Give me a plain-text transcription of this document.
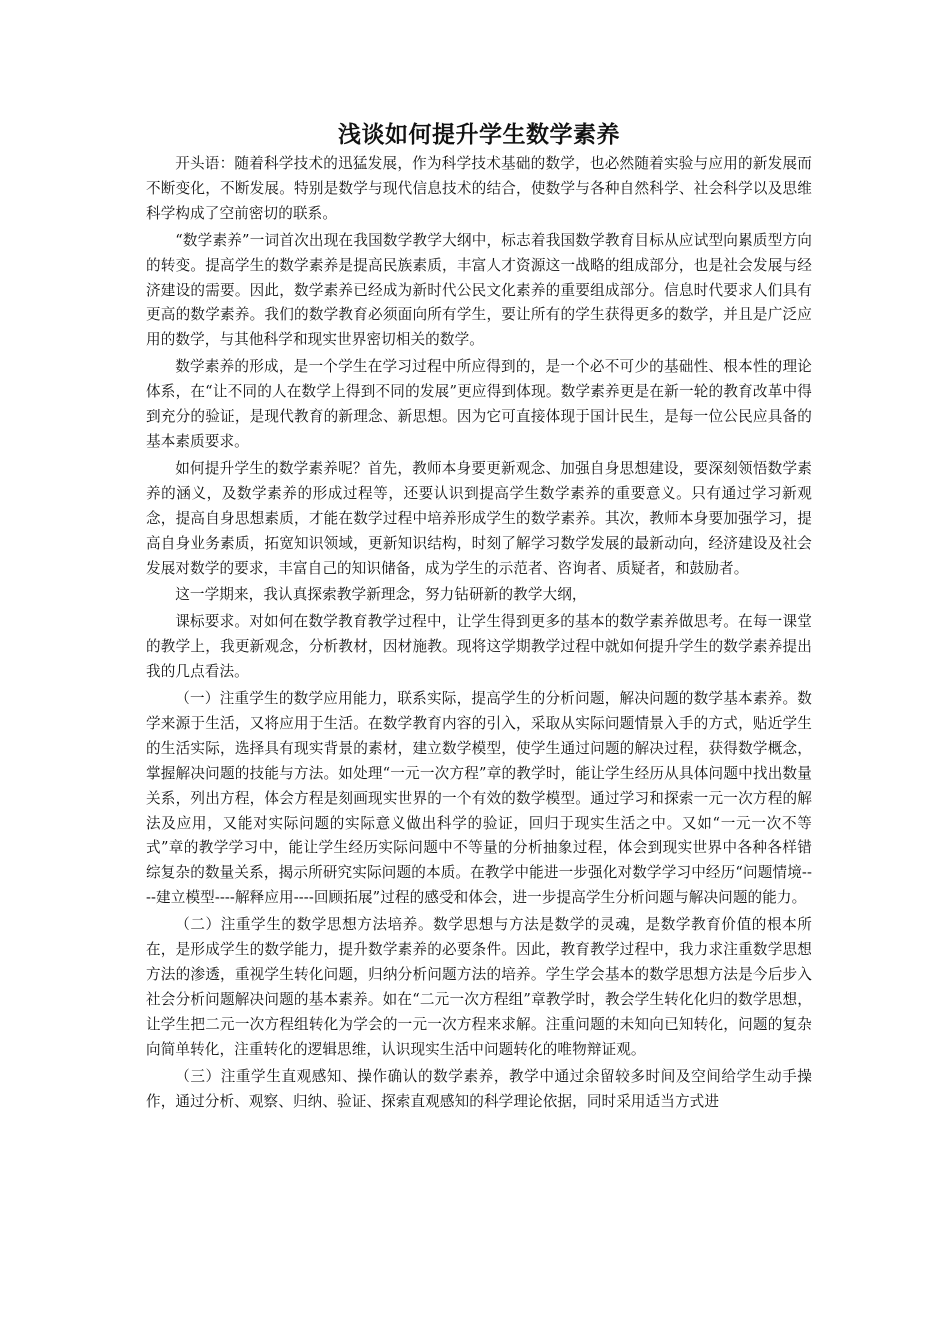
浅谈如何提升学生数学素养

开头语：随着科学技术的迅猛发展，作为科学技术基础的数学，也必然随着实验与应用的新发展而不断变化，不断发展。特别是数学与现代信息技术的结合，使数学与各种自然科学、社会科学以及思维科学构成了空前密切的联系。

“数学素养”一词首次出现在我国数学教学大纲中，标志着我国数学教育目标从应试型向累质型方向的转变。提高学生的数学素养是提高民族素质，丰富人才资源这一战略的组成部分，也是社会发展与经济建设的需要。因此，数学素养已经成为新时代公民文化素养的重要组成部分。信息时代要求人们具有更高的数学素养。我们的数学教育必须面向所有学生，要让所有的学生获得更多的数学，并且是广泛应用的数学，与其他科学和现实世界密切相关的数学。

数学素养的形成，是一个学生在学习过程中所应得到的，是一个必不可少的基础性、根本性的理论体系，在“让不同的人在数学上得到不同的发展”更应得到体现。数学素养更是在新一轮的教育改革中得到充分的验证，是现代教育的新理念、新思想。因为它可直接体现于国计民生，是每一位公民应具备的基本素质要求。

如何提升学生的数学素养呢？首先，教师本身要更新观念、加强自身思想建设，要深刻领悟数学素养的涵义，及数学素养的形成过程等，还要认识到提高学生数学素养的重要意义。只有通过学习新观念，提高自身思想素质，才能在数学过程中培养形成学生的数学素养。其次，教师本身要加强学习，提高自身业务素质，拓宽知识领域，更新知识结构，时刻了解学习数学发展的最新动向，经济建设及社会发展对数学的要求，丰富自己的知识储备，成为学生的示范者、咨询者、质疑者，和鼓励者。

这一学期来，我认真探索教学新理念，努力钻研新的教学大纲，

课标要求。对如何在数学教育教学过程中，让学生得到更多的基本的数学素养做思考。在每一课堂的教学上，我更新观念，分析教材，因材施教。现将这学期教学过程中就如何提升学生的数学素养提出我的几点看法。

（一）注重学生的数学应用能力，联系实际，提高学生的分析问题，解决问题的数学基本素养。数学来源于生活，又将应用于生活。在数学教育内容的引入，采取从实际问题情景入手的方式，贴近学生的生活实际，选择具有现实背景的素材，建立数学模型，使学生通过问题的解决过程，获得数学概念，掌握解决问题的技能与方法。如处理“一元一次方程”章的教学时，能让学生经历从具体问题中找出数量关系，列出方程，体会方程是刻画现实世界的一个有效的数学模型。通过学习和探索一元一次方程的解法及应用，又能对实际问题的实际意义做出科学的验证，回归于现实生活之中。又如“一元一次不等式”章的教学学习中，能让学生经历实际问题中不等量的分析抽象过程，体会到现实世界中各种各样错综复杂的数量关系，揭示所研究实际问题的本质。在教学中能进一步强化对数学学习中经历“问题情境----建立模型----解释应用----回顾拓展”过程的感受和体会，进一步提高学生分析问题与解决问题的能力。

（二）注重学生的数学思想方法培养。数学思想与方法是数学的灵魂，是数学教育价值的根本所在，是形成学生的数学能力，提升数学素养的必要条件。因此，教育教学过程中，我力求注重数学思想方法的渗透，重视学生转化问题，归纳分析问题方法的培养。学生学会基本的数学思想方法是今后步入社会分析问题解决问题的基本素养。如在“二元一次方程组”章教学时，教会学生转化化归的数学思想，让学生把二元一次方程组转化为学会的一元一次方程来求解。注重问题的未知向已知转化，问题的复杂向简单转化，注重转化的逻辑思维，认识现实生活中问题转化的唯物辩证观。

（三）注重学生直观感知、操作确认的数学素养，教学中通过余留较多时间及空间给学生动手操作，通过分析、观察、归纳、验证、探索直观感知的科学理论依据，同时采用适当方式进
